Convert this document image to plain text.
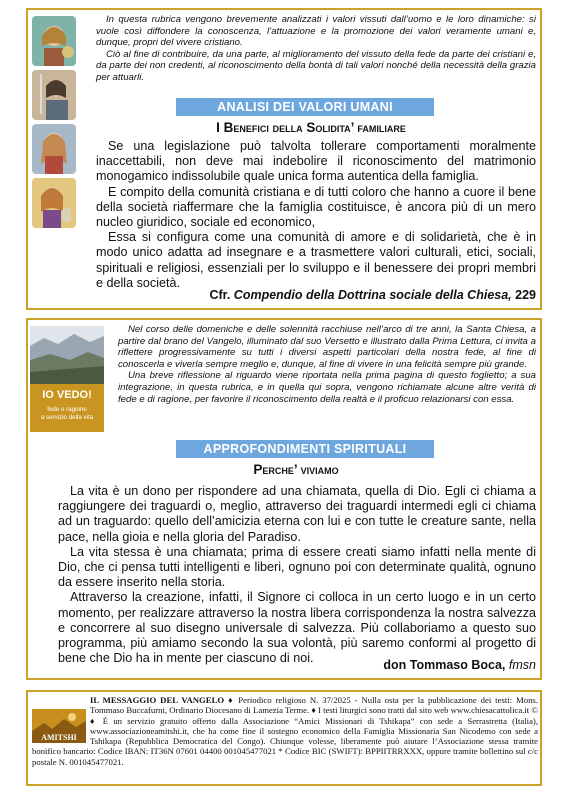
In questa rubrica vengono brevemente analizzati i valori vissuti dall’uomo e le loro dinamiche: si vuole così diffondere la conoscenza, l’attuazione e la promozione dei valori veramente umani e, dunque, propri del vivere cristiano.

Ciò al fine di contribuire, da una parte, al miglioramento del vissuto della fede da parte dei cristiani e, da parte dei non credenti, al riconoscimento della bontà di tali valori nonché della necessità della grazia per attuarli.

ANALISI DEI VALORI UMANI
I Benefici della Solidita’ familiare

Se una legislazione può talvolta tollerare comportamenti moralmente inaccettabili, non deve mai indebolire il riconoscimento del matrimonio monogamico indissolubile quale unica forma autentica della famiglia.

E compito della comunità cristiana e di tutti coloro che hanno a cuore il bene della società riaffermare che la famiglia costituisce, è ancora più di un mero nucleo giuridico, sociale ed economico,

Essa si configura come una comunità di amore e di solidarietà, che è in modo unico adatta ad insegnare e a trasmettere valori culturali, etici, sociali, spirituali e religiosi, essenziali per lo sviluppo e il benessere dei propri membri e della società.

Cfr. Compendio della Dottrina sociale della Chiesa, 229
IO VEDO!
fede e ragione
a servizio della vita

Nel corso delle domeniche e delle solennità racchiuse nell’arco di tre anni, la Santa Chiesa, a partire dal brano del Vangelo, illuminato dal suo Versetto e illustrato dalla Prima Lettura, ci invita a riflettere progressivamente su tutti i diversi aspetti particolari della nostra fede, al fine di conoscerla e viverla sempre meglio e, dunque, al fine di vivere in una felicità sempre più grande.

Una breve riflessione al riguardo viene riportata nella prima pagina di questo foglietto; a sua integrazione, in questa rubrica, e in quella qui sopra, vengono richiamate alcune altre verità di fede e di ragione, per favorire il riconoscimento della realtà e il proficuo relazionarsi con essa.

APPROFONDIMENTI SPIRITUALI
Perche’ viviamo

La vita è un dono per rispondere ad una chiamata, quella di Dio. Egli ci chiama a raggiungere dei traguardi o, meglio, attraverso dei traguardi intermedi egli ci chiama ad un traguardo: quello dell’amicizia eterna con lui e con tutte le creature sante, nella pace, nella gioia e nella gloria del Paradiso.

La vita stessa è una chiamata; prima di essere creati siamo infatti nella mente di Dio, che ci pensa tutti intelligenti e liberi, ognuno poi con determinate qualità, ognuno da essere inserito nella storia.

Attraverso la creazione, infatti, il Signore ci colloca in un certo luogo e in un certo momento, per realizzare attraverso la nostra libera corrispondenza la nostra salvezza e concorrere al suo disegno universale di salvezza. Più collaboriamo a questo suo programma, più amiamo secondo la sua volontà, più saremo conformi al progetto di bene che Dio ha in mente per ciascuno di noi.	don Tommaso Boca, fmsn
AMITSHI

IL MESSAGGIO DEL VANGELO ♦ Periodico religioso N. 37/2025 - Nulla osta per la pubblicazione dei testi: Mons. Tommaso Buccafurni, Ordinario Diocesano di Lamezia Terme. ♦ I testi liturgici sono tratti dal sito web www.chiesacattolica.it © ♦ È un servizio gratuito offerto dalla Associazione “Amici Missionari di Tshikapa” con sede a Serrastretta (Italia), www.associazioneamitshi.it, che ha come fine il sostegno economico della Famiglia Missionaria San Nicodemo con sede a Tshikapa (Repubblica Democratica del Congo). Chiunque volesse, liberamente può aiutare l’Associazione stessa tramite bonifico bancario: Codice IBAN: IT36N 07601 04400 001045477021 * Codice BIC (SWIFT): BPPIITRRXXX, oppure tramite bollettino sul c/c postale N. 001045477021.
